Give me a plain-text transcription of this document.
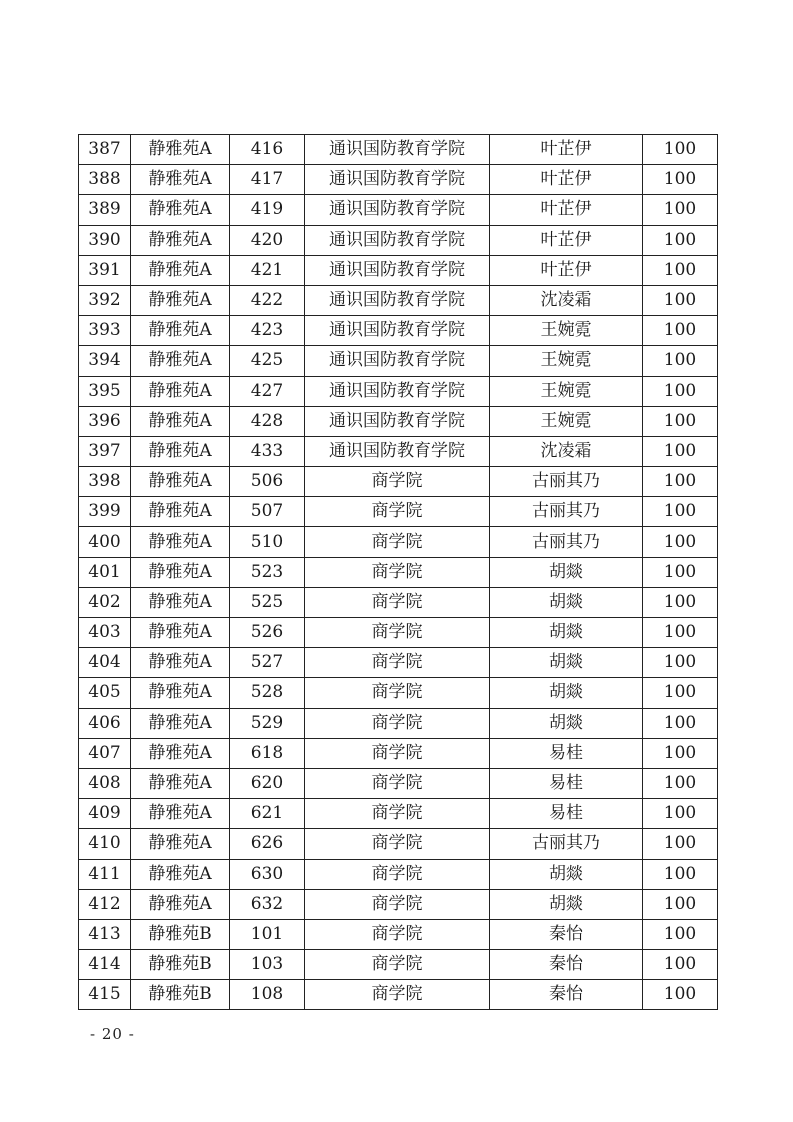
387	静雅苑A	416	通识国防教育学院	叶芷伊	100
388	静雅苑A	417	通识国防教育学院	叶芷伊	100
389	静雅苑A	419	通识国防教育学院	叶芷伊	100
390	静雅苑A	420	通识国防教育学院	叶芷伊	100
391	静雅苑A	421	通识国防教育学院	叶芷伊	100
392	静雅苑A	422	通识国防教育学院	沈凌霜	100
393	静雅苑A	423	通识国防教育学院	王婉霓	100
394	静雅苑A	425	通识国防教育学院	王婉霓	100
395	静雅苑A	427	通识国防教育学院	王婉霓	100
396	静雅苑A	428	通识国防教育学院	王婉霓	100
397	静雅苑A	433	通识国防教育学院	沈凌霜	100
398	静雅苑A	506	商学院	古丽其乃	100
399	静雅苑A	507	商学院	古丽其乃	100
400	静雅苑A	510	商学院	古丽其乃	100
401	静雅苑A	523	商学院	胡燚	100
402	静雅苑A	525	商学院	胡燚	100
403	静雅苑A	526	商学院	胡燚	100
404	静雅苑A	527	商学院	胡燚	100
405	静雅苑A	528	商学院	胡燚	100
406	静雅苑A	529	商学院	胡燚	100
407	静雅苑A	618	商学院	易桂	100
408	静雅苑A	620	商学院	易桂	100
409	静雅苑A	621	商学院	易桂	100
410	静雅苑A	626	商学院	古丽其乃	100
411	静雅苑A	630	商学院	胡燚	100
412	静雅苑A	632	商学院	胡燚	100
413	静雅苑B	101	商学院	秦怡	100
414	静雅苑B	103	商学院	秦怡	100
415	静雅苑B	108	商学院	秦怡	100
- 20 -
